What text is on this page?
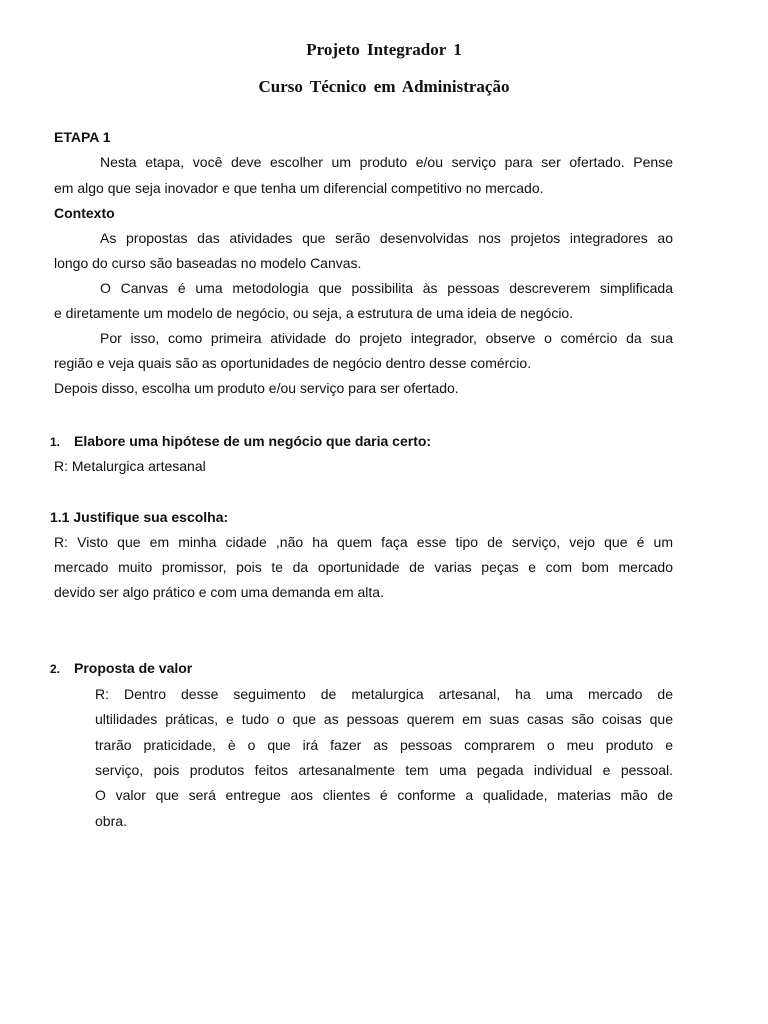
Projeto Integrador 1
Curso Técnico em Administração
ETAPA 1
Nesta etapa, você deve escolher um produto e/ou serviço para ser ofertado. Pense
em algo que seja inovador e que tenha um diferencial competitivo no mercado.
Contexto
As propostas das atividades que serão desenvolvidas nos projetos integradores ao
longo do curso são baseadas no modelo Canvas.
O Canvas é uma metodologia que possibilita às pessoas descreverem simplificada
e diretamente um modelo de negócio, ou seja, a estrutura de uma ideia de negócio.
Por isso, como primeira atividade do projeto integrador, observe o comércio da sua
região e veja quais são as oportunidades de negócio dentro desse comércio.
Depois disso, escolha um produto e/ou serviço para ser ofertado.
1. Elabore uma hipótese de um negócio que daria certo:
R: Metalurgica artesanal
1.1 Justifique sua escolha:
R: Visto que em minha cidade ,não ha quem faça esse tipo de serviço, vejo que é um
mercado muito promissor, pois te da oportunidade de varias peças e com bom mercado
devido ser algo prático e com uma demanda em alta.
2. Proposta de valor
R: Dentro desse seguimento de metalurgica artesanal, ha uma mercado de
ultilidades práticas, e tudo o que as pessoas querem em suas casas são coisas que
trarão praticidade, è o que irá fazer as pessoas comprarem o meu produto e
serviço, pois produtos feitos artesanalmente tem uma pegada individual e pessoal.
O valor que será entregue aos clientes é conforme a qualidade, materias mão de
obra.
